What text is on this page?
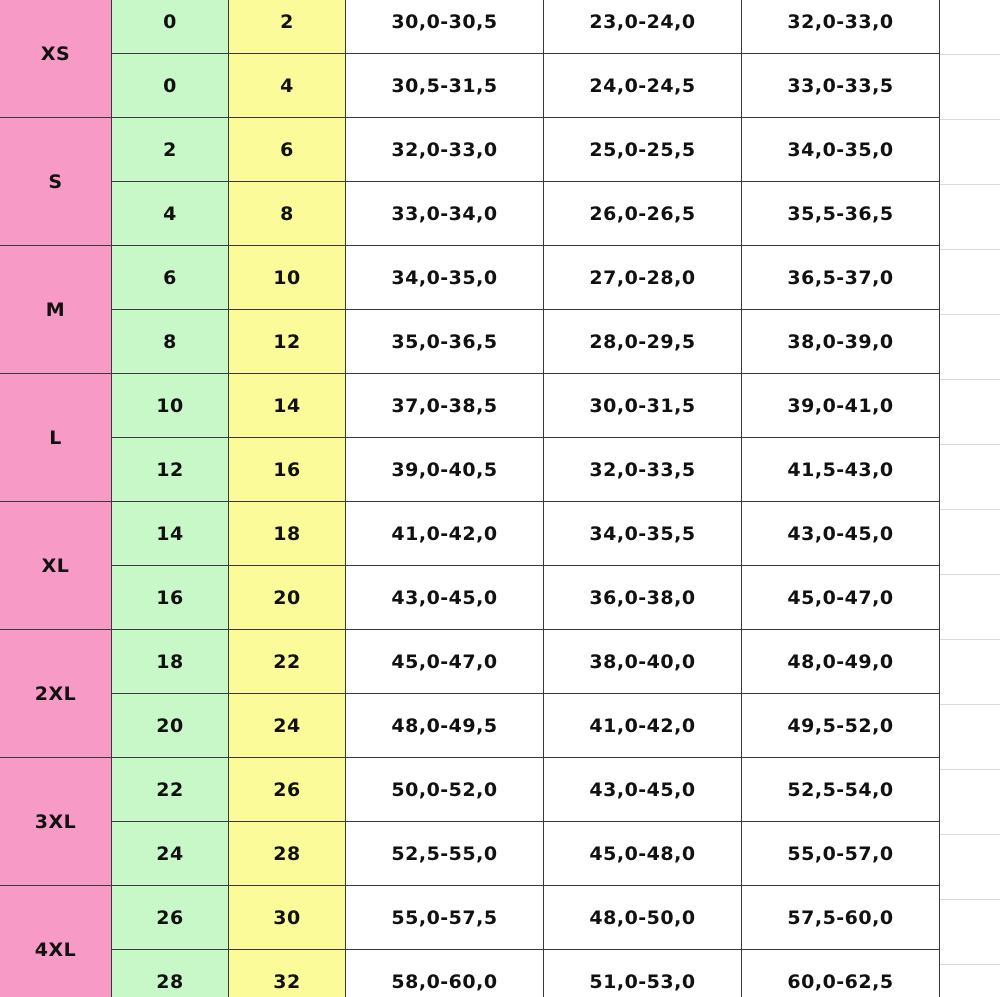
XS	0	2	30,0-30,5	23,0-24,0	32,0-33,0
	0	4	30,5-31,5	24,0-24,5	33,0-33,5
S	2	6	32,0-33,0	25,0-25,5	34,0-35,0
	4	8	33,0-34,0	26,0-26,5	35,5-36,5
M	6	10	34,0-35,0	27,0-28,0	36,5-37,0
	8	12	35,0-36,5	28,0-29,5	38,0-39,0
L	10	14	37,0-38,5	30,0-31,5	39,0-41,0
	12	16	39,0-40,5	32,0-33,5	41,5-43,0
XL	14	18	41,0-42,0	34,0-35,5	43,0-45,0
	16	20	43,0-45,0	36,0-38,0	45,0-47,0
2XL	18	22	45,0-47,0	38,0-40,0	48,0-49,0
	20	24	48,0-49,5	41,0-42,0	49,5-52,0
3XL	22	26	50,0-52,0	43,0-45,0	52,5-54,0
	24	28	52,5-55,0	45,0-48,0	55,0-57,0
4XL	26	30	55,0-57,5	48,0-50,0	57,5-60,0
	28	32	58,0-60,0	51,0-53,0	60,0-62,5
